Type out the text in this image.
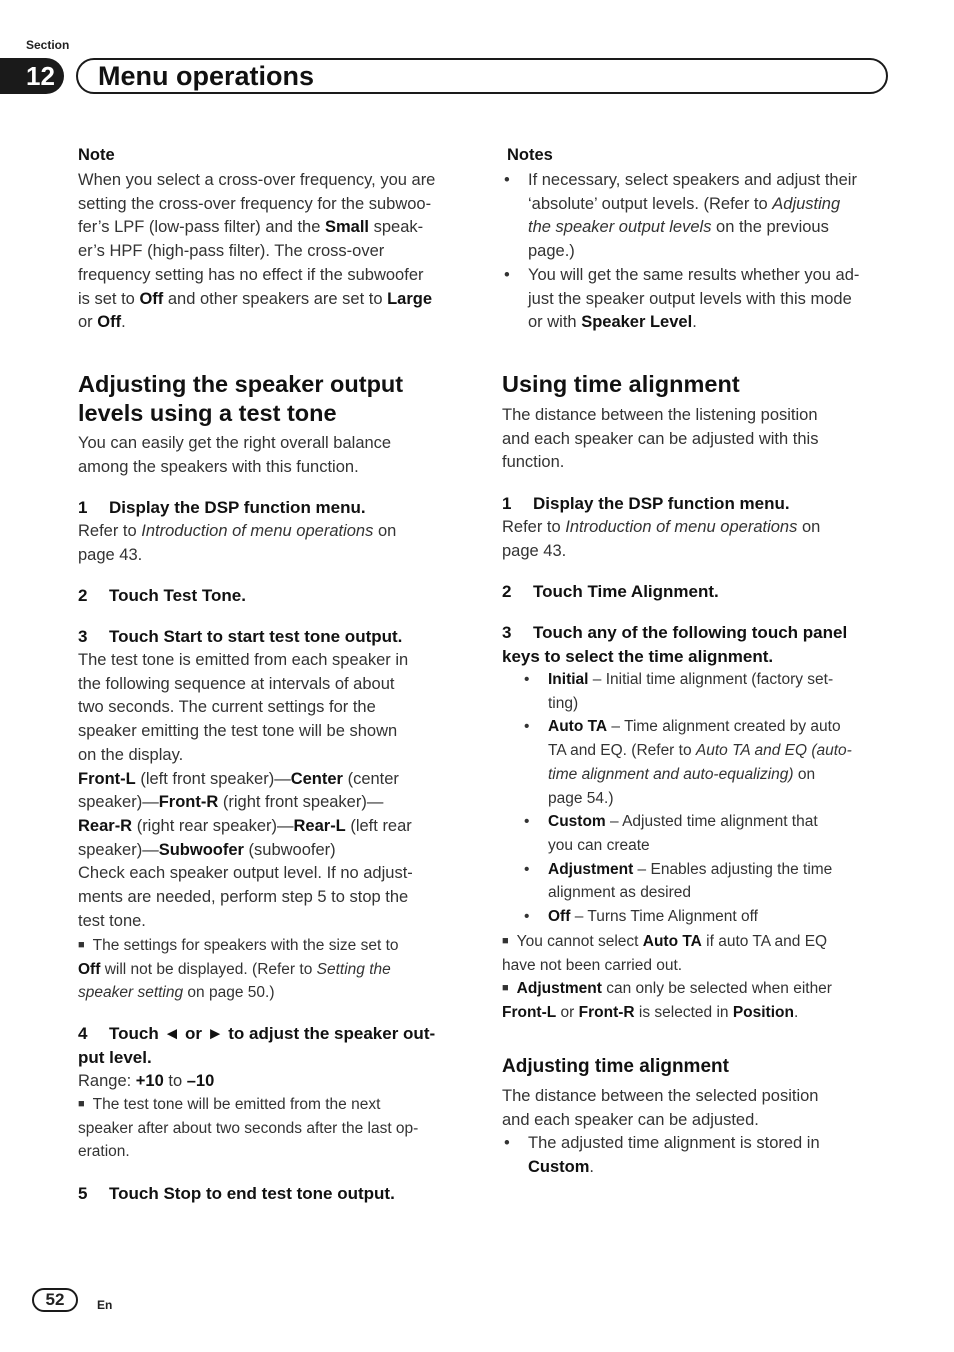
Section
12	Menu operations
Note
When you select a cross-over frequency, you are
setting the cross-over frequency for the subwoo-
fer’s LPF (low-pass filter) and the Small speak-
er’s HPF (high-pass filter). The cross-over
frequency setting has no effect if the subwoofer
is set to Off and other speakers are set to Large
or Off.
Adjusting the speaker output
levels using a test tone
You can easily get the right overall balance
among the speakers with this function.
1 Display the DSP function menu.
Refer to Introduction of menu operations on
page 43.
2 Touch Test Tone.
3 Touch Start to start test tone output.
The test tone is emitted from each speaker in
the following sequence at intervals of about
two seconds. The current settings for the
speaker emitting the test tone will be shown
on the display.
Front-L (left front speaker)—Center (center
speaker)—Front-R (right front speaker)—
Rear-R (right rear speaker)—Rear-L (left rear
speaker)—Subwoofer (subwoofer)
Check each speaker output level. If no adjust-
ments are needed, perform step 5 to stop the
test tone.
■ The settings for speakers with the size set to
Off will not be displayed. (Refer to Setting the
speaker setting on page 50.)
4 Touch ◄ or ► to adjust the speaker out-
put level.
Range: +10 to –10
■ The test tone will be emitted from the next
speaker after about two seconds after the last op-
eration.
5 Touch Stop to end test tone output.
Notes
• If necessary, select speakers and adjust their
‘absolute’ output levels. (Refer to Adjusting
the speaker output levels on the previous
page.)
• You will get the same results whether you ad-
just the speaker output levels with this mode
or with Speaker Level.
Using time alignment
The distance between the listening position
and each speaker can be adjusted with this
function.
1 Display the DSP function menu.
Refer to Introduction of menu operations on
page 43.
2 Touch Time Alignment.
3 Touch any of the following touch panel
keys to select the time alignment.
• Initial – Initial time alignment (factory set-
ting)
• Auto TA – Time alignment created by auto
TA and EQ. (Refer to Auto TA and EQ (auto-
time alignment and auto-equalizing) on
page 54.)
• Custom – Adjusted time alignment that
you can create
• Adjustment – Enables adjusting the time
alignment as desired
• Off – Turns Time Alignment off
■ You cannot select Auto TA if auto TA and EQ
have not been carried out.
■ Adjustment can only be selected when either
Front-L or Front-R is selected in Position.
Adjusting time alignment
The distance between the selected position
and each speaker can be adjusted.
• The adjusted time alignment is stored in
Custom.
52	En
